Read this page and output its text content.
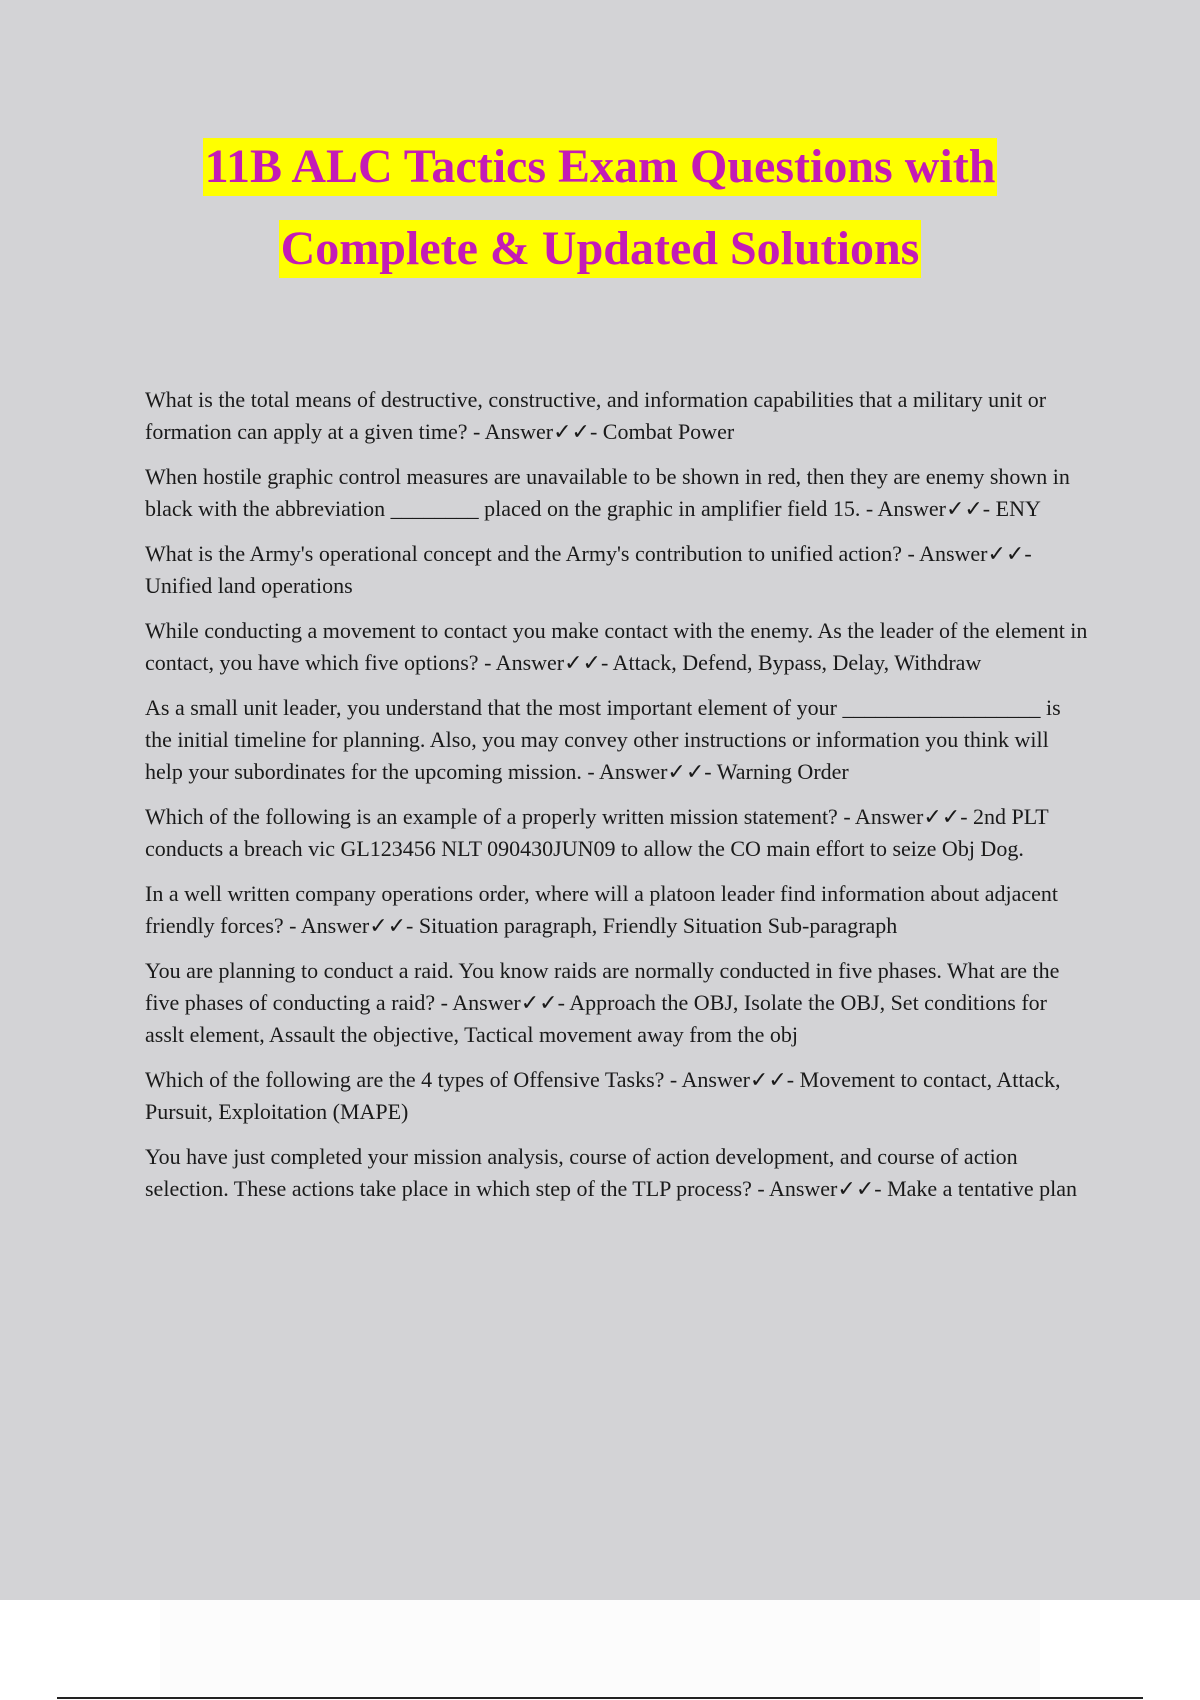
11B ALC Tactics Exam Questions with
Complete & Updated Solutions

What is the total means of destructive, constructive, and information capabilities that a military unit or formation can apply at a given time? - Answer✓✓- Combat Power

When hostile graphic control measures are unavailable to be shown in red, then they are enemy shown in black with the abbreviation ________ placed on the graphic in amplifier field 15. - Answer✓✓- ENY

What is the Army's operational concept and the Army's contribution to unified action? - Answer✓✓- Unified land operations

While conducting a movement to contact you make contact with the enemy. As the leader of the element in contact, you have which five options? - Answer✓✓- Attack, Defend, Bypass, Delay, Withdraw

As a small unit leader, you understand that the most important element of your __________________ is the initial timeline for planning. Also, you may convey other instructions or information you think will help your subordinates for the upcoming mission. - Answer✓✓- Warning Order

Which of the following is an example of a properly written mission statement? - Answer✓✓- 2nd PLT conducts a breach vic GL123456 NLT 090430JUN09 to allow the CO main effort to seize Obj Dog.

In a well written company operations order, where will a platoon leader find information about adjacent friendly forces? - Answer✓✓- Situation paragraph, Friendly Situation Sub-paragraph

You are planning to conduct a raid. You know raids are normally conducted in five phases. What are the five phases of conducting a raid? - Answer✓✓- Approach the OBJ, Isolate the OBJ, Set conditions for asslt element, Assault the objective, Tactical movement away from the obj

Which of the following are the 4 types of Offensive Tasks? - Answer✓✓- Movement to contact, Attack, Pursuit, Exploitation (MAPE)

You have just completed your mission analysis, course of action development, and course of action selection. These actions take place in which step of the TLP process? - Answer✓✓- Make a tentative plan
